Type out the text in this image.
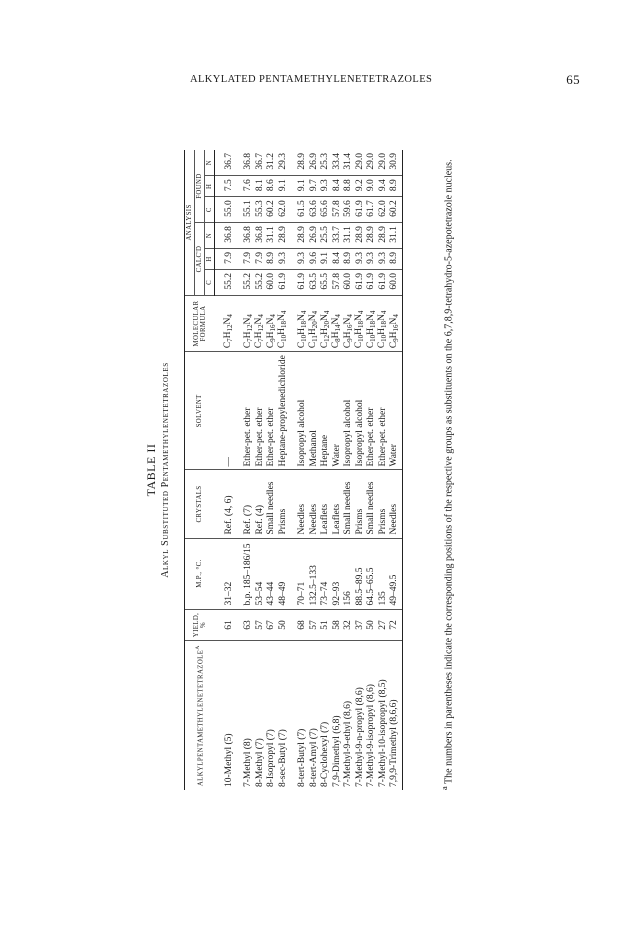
ALKYLATED PENTAMETHYLENETETRAZOLES	65
TABLE II Alkyl Substituted Pentamethylenetetrazoles
$ALKYLPENTAMETHYLENETETRAZOLE^A$	YIELD, %	M.P., °C.	CRYSTALS	SOLVENT	MOLECULAR FORMULA	ANALYSIS					
						CALC'D			FOUND		
						C	H	N	C	H	N

10-Methyl (5)	61	31–32	Ref. (4, 6)	—	$C_7H_{12}N_4$	55.2	7.9	36.8	55.0	7.5	36.7

7-Methyl (8)	63	b.p. 185–186/15	Ref. (7)	Ether-pet. ether	$C_7H_{12}N_4$	55.2	7.9	36.8	55.1	7.6	36.8
8-Methyl (7)	57	53–54	Ref. (4)	Ether-pet. ether	$C_7H_{12}N_4$	55.2	7.9	36.8	55.3	8.1	36.7
8-Isopropyl (7)	67	43–44	Small needles	Ether-pet. ether	$C_9H_{16}N_4$	60.0	8.9	31.1	60.2	8.6	31.2
8-sec-Butyl (7)	50	48–49	Prisms	Heptane-propylenedichloride	$C_{10}H_{18}N_4$	61.9	9.3	28.9	62.0	9.1	29.3

8-tert-Butyl (7)	68	70–71	Needles	Isopropyl alcohol	$C_{10}H_{18}N_4$	61.9	9.3	28.9	61.5	9.1	28.9
8-tert-Amyl (7)	57	132.5–133	Needles	Methanol	$C_{11}H_{20}N_4$	63.5	9.6	26.9	63.6	9.7	26.9
8-Cyclohexyl (7)	51	73–74	Leaflets	Heptane	$C_{12}H_{20}N_4$	65.5	9.1	25.5	65.6	9.3	25.3
7,9-Dimethyl (6,8)	58	92–93	Leaflets	Water	$C_8H_{14}N_4$	57.8	8.4	33.7	57.8	8.4	33.4
7-Methyl-9-ethyl (8,6)	32	156	Small needles	Isopropyl alcohol	$C_9H_{16}N_4$	60.0	8.9	31.1	59.6	8.8	31.4
7-Methyl-9-n-propyl (8,6)	37	88.5–89.5	Prisms	Isopropyl alcohol	$C_{10}H_{18}N_4$	61.9	9.3	28.9	61.9	9.2	29.0
7-Methyl-9-isopropyl (8,6)	50	64.5–65.5	Small needles	Ether-pet. ether	$C_{10}H_{18}N_4$	61.9	9.3	28.9	61.7	9.0	29.0
7-Methyl-10-isopropyl (8,5)	27	135	Prisms	Ether-pet. ether	$C_{10}H_{18}N_4$	61.9	9.3	28.9	62.0	9.4	29.0
7,9,9-Trimethyl (8,6,6)	72	49–49.5	Needles	Water	$C_9H_{16}N_4$	60.0	8.9	31.1	60.2	8.9	30.9

$^a$ The numbers in parentheses indicate the corresponding positions of the respective groups as substituents on the 6,7,8,9-tetrahydro-5-azepotetrazole nucleus.
